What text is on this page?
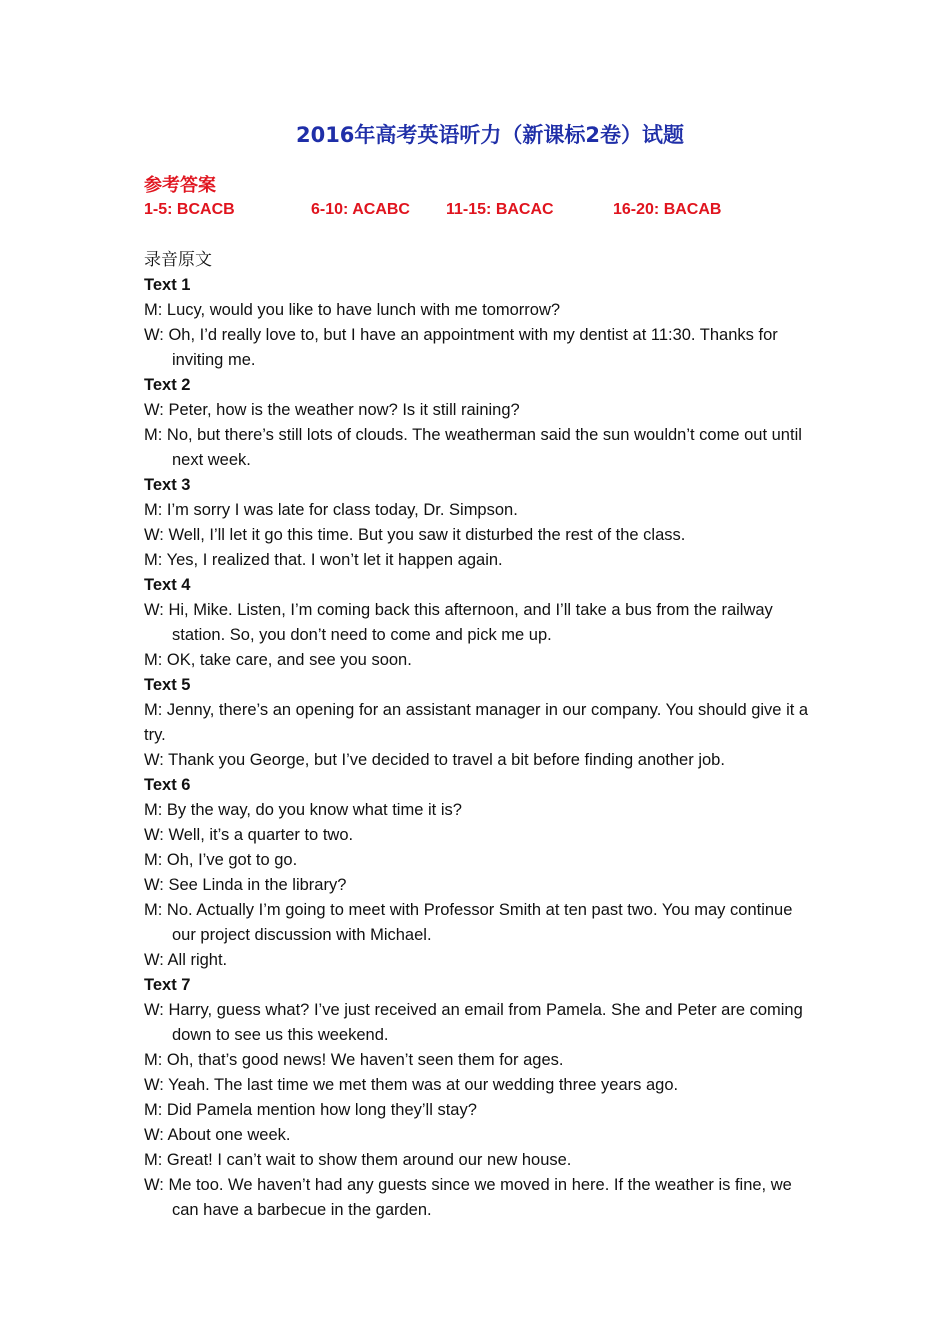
2016年高考英语听力（新课标2卷）试题
参考答案
1-5: BCACB	6-10: ACABC 11-15: BACAC	16-20: BACAB
录音原文
Text 1
M: Lucy, would you like to have lunch with me tomorrow?
W: Oh, I’d really love to, but I have an appointment with my dentist at 11:30. Thanks for inviting me.
Text 2
W: Peter, how is the weather now? Is it still raining?
M: No, but there’s still lots of clouds. The weatherman said the sun wouldn’t come out until next week.
Text 3
M: I’m sorry I was late for class today, Dr. Simpson.
W: Well, I’ll let it go this time. But you saw it disturbed the rest of the class.
M: Yes, I realized that. I won’t let it happen again.
Text 4
W: Hi, Mike. Listen, I’m coming back this afternoon, and I’ll take a bus from the railway station. So, you don’t need to come and pick me up.
M: OK, take care, and see you soon.
Text 5
M: Jenny, there’s an opening for an assistant manager in our company. You should give it a try.
W: Thank you George, but I’ve decided to travel a bit before finding another job.
Text 6
M: By the way, do you know what time it is?
W: Well, it’s a quarter to two.
M: Oh, I’ve got to go.
W: See Linda in the library?
M: No. Actually I’m going to meet with Professor Smith at ten past two. You may continue our project discussion with Michael.
W: All right.
Text 7
W: Harry, guess what? I’ve just received an email from Pamela. She and Peter are coming down to see us this weekend.
M: Oh, that’s good news! We haven’t seen them for ages.
W: Yeah. The last time we met them was at our wedding three years ago.
M: Did Pamela mention how long they’ll stay?
W: About one week.
M: Great! I can’t wait to show them around our new house.
W: Me too. We haven’t had any guests since we moved in here. If the weather is fine, we can have a barbecue in the garden.
